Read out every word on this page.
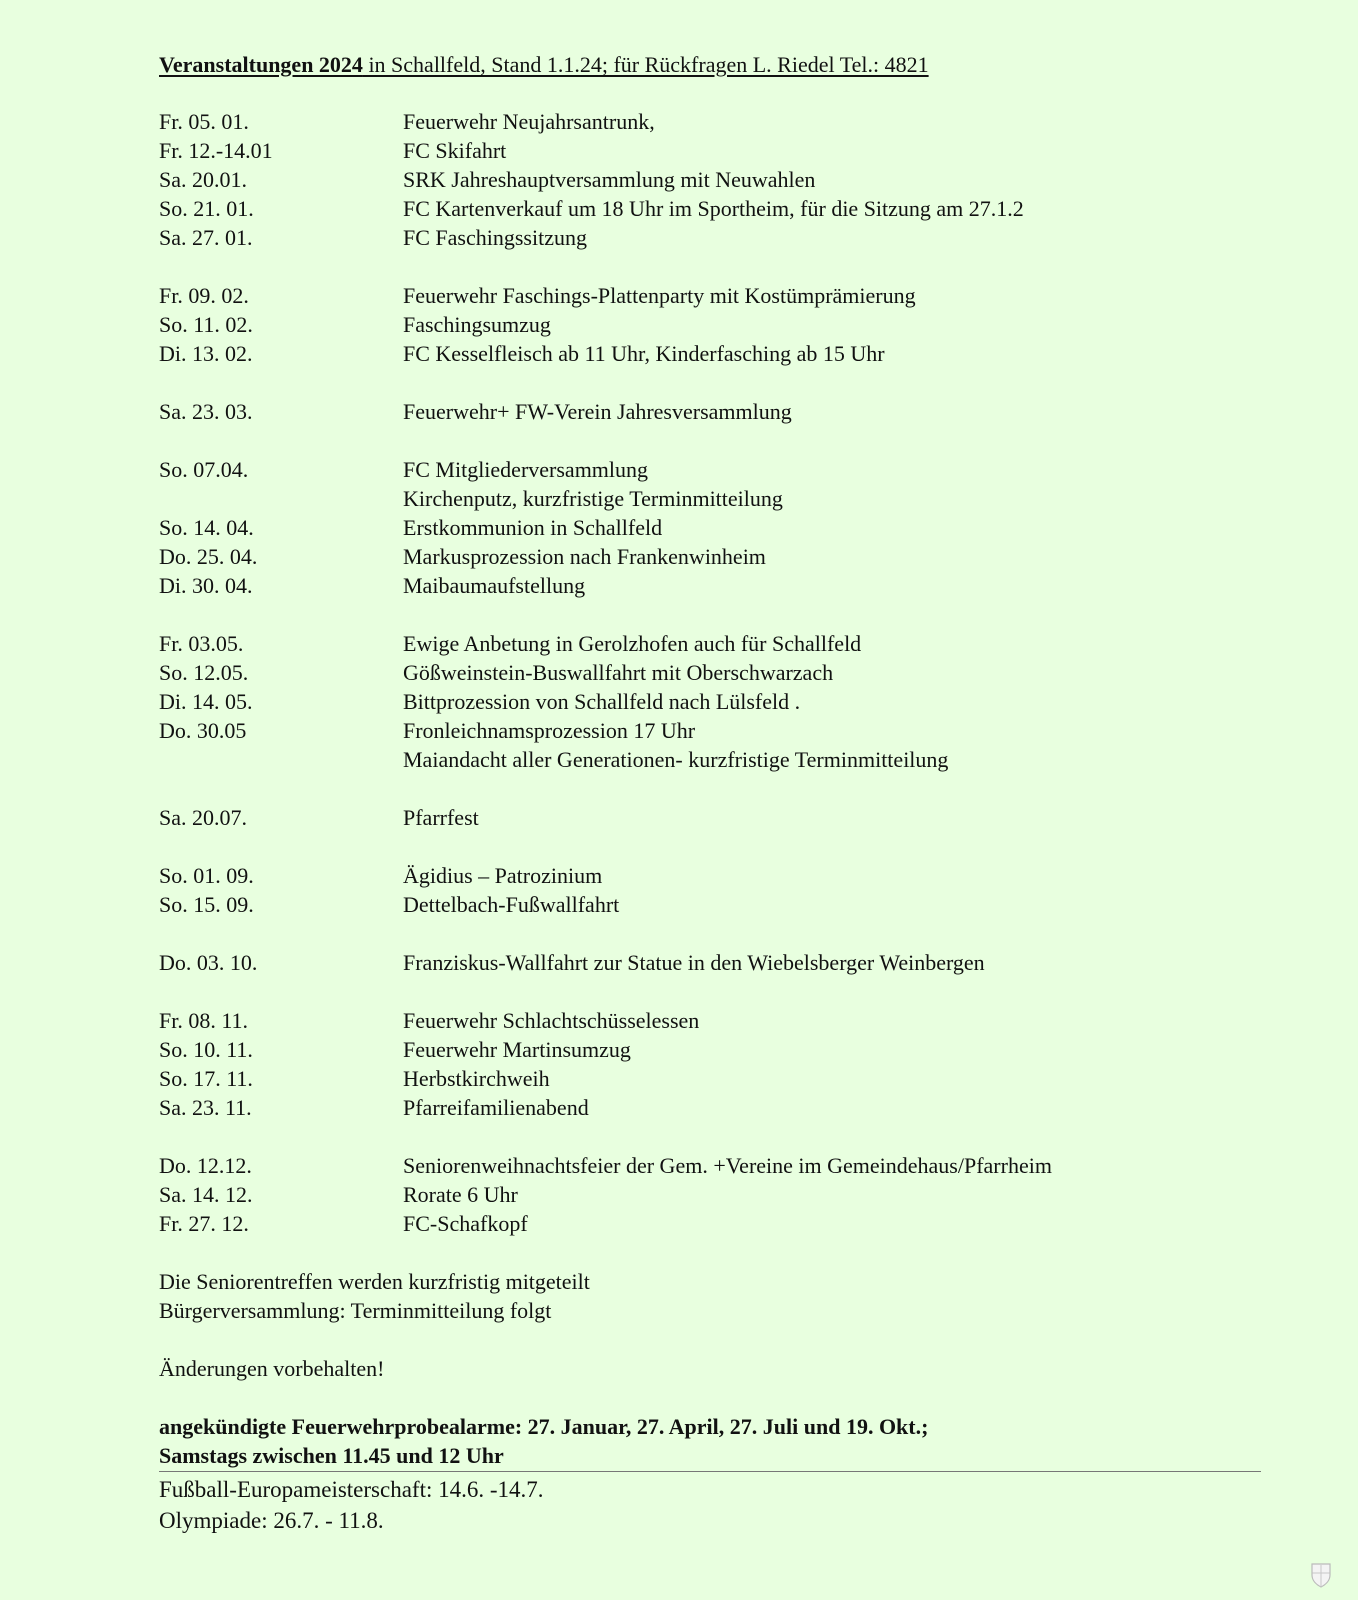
Veranstaltungen 2024 in Schallfeld, Stand 1.1.24; für Rückfragen L. Riedel Tel.: 4821
Fr. 05. 01.	Feuerwehr Neujahrsantrunk,
Fr. 12.-14.01	FC Skifahrt
Sa. 20.01.	SRK Jahreshauptversammlung mit Neuwahlen
So. 21. 01.	FC Kartenverkauf um 18 Uhr im Sportheim, für die Sitzung am 27.1.2
Sa. 27. 01.	FC Faschingssitzung
Fr. 09. 02.	Feuerwehr Faschings-Plattenparty mit Kostümprämierung
So. 11. 02.	Faschingsumzug
Di. 13. 02.	FC Kesselfleisch ab 11 Uhr, Kinderfasching ab 15 Uhr
Sa. 23. 03.	Feuerwehr+ FW-Verein Jahresversammlung
So. 07.04.	FC Mitgliederversammlung
Kirchenputz, kurzfristige Terminmitteilung
So. 14. 04.	Erstkommunion in Schallfeld
Do. 25. 04.	Markusprozession nach Frankenwinheim
Di. 30. 04.	Maibaumaufstellung
Fr. 03.05.	Ewige Anbetung in Gerolzhofen auch für Schallfeld
So. 12.05.	Gößweinstein-Buswallfahrt mit Oberschwarzach
Di. 14. 05.	Bittprozession von Schallfeld nach Lülsfeld .
Do. 30.05	Fronleichnamsprozession 17 Uhr
Maiandacht aller Generationen- kurzfristige Terminmitteilung
Sa. 20.07.	Pfarrfest
So. 01. 09.	Ägidius – Patrozinium
So. 15. 09.	Dettelbach-Fußwallfahrt
Do. 03. 10.	Franziskus-Wallfahrt zur Statue in den Wiebelsberger Weinbergen
Fr. 08. 11.	Feuerwehr Schlachtschüsselessen
So. 10. 11.	Feuerwehr Martinsumzug
So. 17. 11.	Herbstkirchweih
Sa. 23. 11.	Pfarreifamilienabend
Do. 12.12.	Seniorenweihnachtsfeier der Gem. +Vereine im Gemeindehaus/Pfarrheim
Sa. 14. 12.	Rorate 6 Uhr
Fr. 27. 12.	FC-Schafkopf
Die Seniorentreffen werden kurzfristig mitgeteilt
Bürgerversammlung: Terminmitteilung folgt
Änderungen vorbehalten!
angekündigte Feuerwehrprobealarme: 27. Januar, 27. April, 27. Juli und 19. Okt.;
Samstags zwischen 11.45 und 12 Uhr
Fußball-Europameisterschaft: 14.6. -14.7.
Olympiade: 26.7. - 11.8.
